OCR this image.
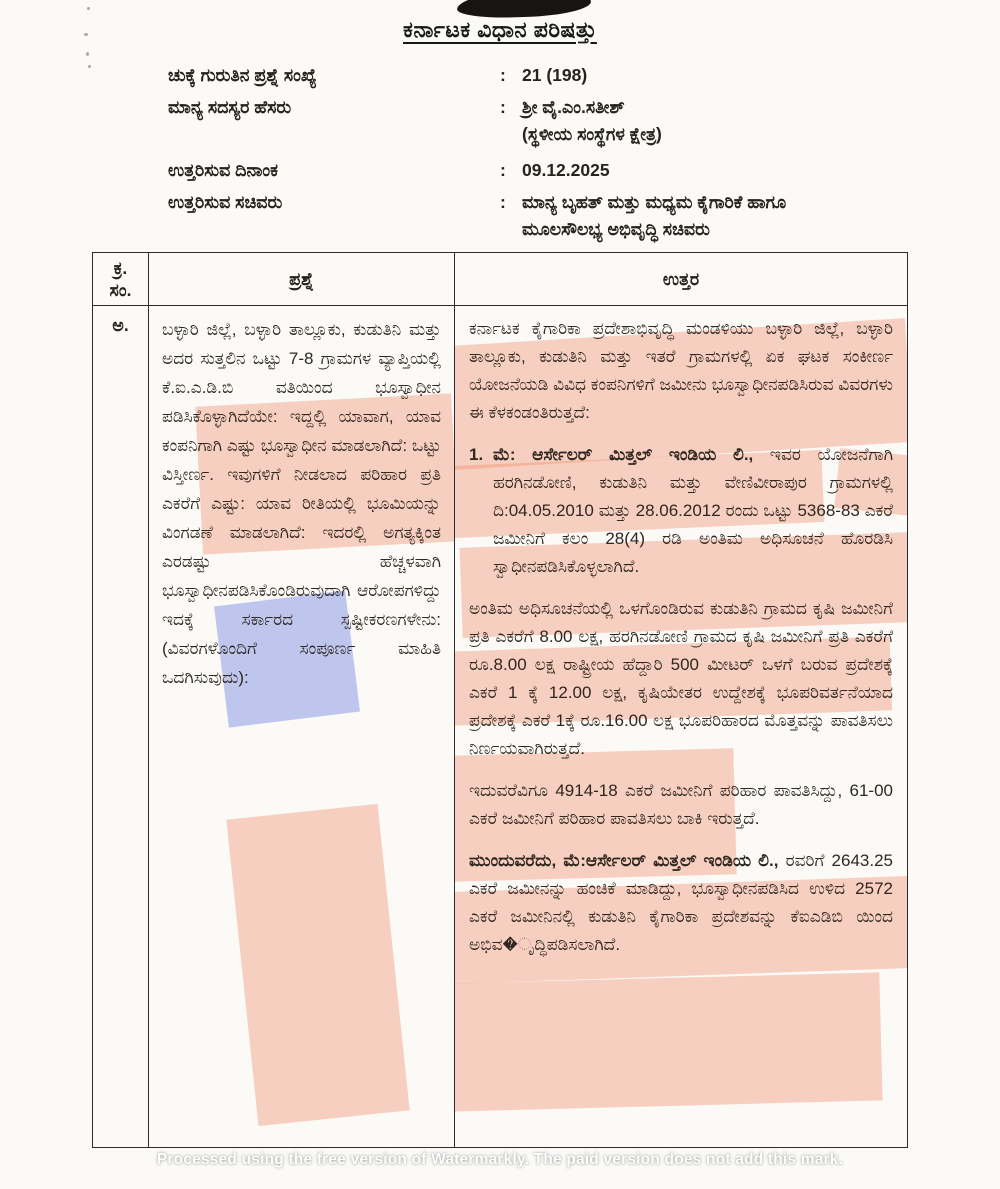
ಕರ್ನಾಟಕ ವಿಧಾನ ಪರಿಷತ್ತು
ಚುಕ್ಕೆ ಗುರುತಿನ ಪ್ರಶ್ನೆ ಸಂಖ್ಯೆ	: 21 (198)
ಮಾನ್ಯ ಸದಸ್ಯರ ಹೆಸರು	: ಶ್ರೀ ವೈ.ಎಂ.ಸತೀಶ್
(ಸ್ಥಳೀಯ ಸಂಸ್ಥೆಗಳ ಕ್ಷೇತ್ರ)
ಉತ್ತರಿಸುವ ದಿನಾಂಕ	: 09.12.2025
ಉತ್ತರಿಸುವ ಸಚಿವರು	: ಮಾನ್ಯ ಬೃಹತ್ ಮತ್ತು ಮಧ್ಯಮ ಕೈಗಾರಿಕೆ ಹಾಗೂ
ಮೂಲಸೌಲಭ್ಯ ಅಭಿವೃದ್ಧಿ ಸಚಿವರು
ಕ್ರ.
ಸಂ.
ಪ್ರಶ್ನೆ	ಉತ್ತರ
ಅ.	ಬಳ್ಳಾರಿ ಜಿಲ್ಲೆ, ಬಳ್ಳಾರಿ ತಾಲ್ಲೂಕು, ಕುಡುತಿನಿ ಮತ್ತು ಅದರ ಸುತ್ತಲಿನ ಒಟ್ಟು 7-8 ಗ್ರಾಮಗಳ ವ್ಯಾಪ್ತಿಯಲ್ಲಿ ಕೆ.ಐ.ಎ.ಡಿ.ಬಿ ವತಿಯಿಂದ ಭೂಸ್ವಾಧೀನ ಪಡಿಸಿಕೊಳ್ಳಾಗಿದೆಯೇ: ಇದ್ದಲ್ಲಿ ಯಾವಾಗ, ಯಾವ ಕಂಪನಿಗಾಗಿ ಎಷ್ಟು ಭೂಸ್ವಾಧೀನ ಮಾಡಲಾಗಿದೆ: ಒಟ್ಟು ವಿಸ್ತೀರ್ಣ. ಇವುಗಳಿಗೆ ನೀಡಲಾದ ಪರಿಹಾರ ಪ್ರತಿ ಎಕರೆಗೆ ಎಷ್ಟು: ಯಾವ ರೀತಿಯಲ್ಲಿ ಭೂಮಿಯನ್ನು ವಿಂಗಡಣೆ ಮಾಡಲಾಗಿದೆ: ಇದರಲ್ಲಿ ಅಗತ್ಯಕ್ಕಿಂತ ಎರಡಷ್ಟು ಹೆಚ್ಚಳವಾಗಿ ಭೂಸ್ವಾಧೀನಪಡಿಸಿಕೊಂಡಿರುವುದಾಗಿ ಆರೋಪಗಳಿದ್ದು ಇದಕ್ಕೆ ಸರ್ಕಾರದ ಸ್ಪಷ್ಟೀಕರಣಗಳೇನು: (ವಿವರಗಳೊಂದಿಗೆ ಸಂಪೂರ್ಣ ಮಾಹಿತಿ ಒದಗಿಸುವುದು):

ಕರ್ನಾಟಕ ಕೈಗಾರಿಕಾ ಪ್ರದೇಶಾಭಿವೃದ್ಧಿ ಮಂಡಳಿಯು ಬಳ್ಳಾರಿ ಜಿಲ್ಲೆ, ಬಳ್ಳಾರಿ ತಾಲ್ಲೂಕು, ಕುಡುತಿನಿ ಮತ್ತು ಇತರೆ ಗ್ರಾಮಗಳಲ್ಲಿ ಏಕ ಘಟಕ ಸಂಕೀರ್ಣ ಯೋಜನೆಯಡಿ ವಿವಿಧ ಕಂಪನಿಗಳಿಗೆ ಜಮೀನು ಭೂಸ್ವಾಧೀನಪಡಿಸಿರುವ ವಿವರಗಳು ಈ ಕೆಳಕಂಡಂತಿರುತ್ತದೆ:

1. ಮೆ: ಆರ್ಸೇಲರ್ ಮಿತ್ತಲ್ ಇಂಡಿಯ ಲಿ., ಇವರ ಯೋಜನೆಗಾಗಿ ಹರಗಿನಡೋಣಿ, ಕುಡುತಿನಿ ಮತ್ತು ವೇಣಿವೀರಾಪುರ ಗ್ರಾಮಗಳಲ್ಲಿ ದಿ:04.05.2010 ಮತ್ತು 28.06.2012 ರಂದು ಒಟ್ಟು 5368-83 ಎಕರೆ ಜಮೀನಿಗೆ ಕಲಂ 28(4) ರಡಿ ಅಂತಿಮ ಅಧಿಸೂಚನೆ ಹೊರಡಿಸಿ ಸ್ವಾಧೀನಪಡಿಸಿಕೊಳ್ಳಲಾಗಿದೆ.

ಅಂತಿಮ ಅಧಿಸೂಚನೆಯಲ್ಲಿ ಒಳಗೊಂಡಿರುವ ಕುಡುತಿನಿ ಗ್ರಾಮದ ಕೃಷಿ ಜಮೀನಿಗೆ ಪ್ರತಿ ಎಕರೆಗೆ 8.00 ಲಕ್ಷ, ಹರಗಿನಡೋಣಿ ಗ್ರಾಮದ ಕೃಷಿ ಜಮೀನಿಗೆ ಪ್ರತಿ ಎಕರೆಗೆ ರೂ.8.00 ಲಕ್ಷ ರಾಷ್ಟ್ರೀಯ ಹೆದ್ದಾರಿ 500 ಮೀಟರ್ ಒಳಗೆ ಬರುವ ಪ್ರದೇಶಕ್ಕೆ ಎಕರೆ 1 ಕ್ಕೆ 12.00 ಲಕ್ಷ, ಕೃಷಿಯೇತರ ಉದ್ದೇಶಕ್ಕೆ ಭೂಪರಿವರ್ತನೆಯಾದ ಪ್ರದೇಶಕ್ಕೆ ಎಕರೆ 1ಕ್ಕೆ ರೂ.16.00 ಲಕ್ಷ ಭೂಪರಿಹಾರದ ಮೊತ್ತವನ್ನು ಪಾವತಿಸಲು ನಿರ್ಣಯವಾಗಿರುತ್ತದೆ.

ಇದುವರೆವಿಗೂ 4914-18 ಎಕರೆ ಜಮೀನಿಗೆ ಪರಿಹಾರ ಪಾವತಿಸಿದ್ದು, 61-00 ಎಕರೆ ಜಮೀನಿಗೆ ಪರಿಹಾರ ಪಾವತಿಸಲು ಬಾಕಿ ಇರುತ್ತದೆ.

ಮುಂದುವರೆದು, ಮೆ:ಆರ್ಸೇಲರ್ ಮಿತ್ತಲ್ ಇಂಡಿಯ ಲಿ., ರವರಿಗೆ 2643.25 ಎಕರೆ ಜಮೀನನ್ನು ಹಂಚಿಕೆ ಮಾಡಿದ್ದು, ಭೂಸ್ವಾಧೀನಪಡಿಸಿದ ಉಳಿದ 2572 ಎಕರೆ ಜಮೀನಿನಲ್ಲಿ ಕುಡುತಿನಿ ಕೈಗಾರಿಕಾ ಪ್ರದೇಶವನ್ನು ಕೆಐಎಡಿಬಿ ಯಿಂದ ಅಭಿವ�ೃದ್ಧಿಪಡಿಸಲಾಗಿದೆ.

Processed using the free version of Watermarkly. The paid version does not add this mark.
